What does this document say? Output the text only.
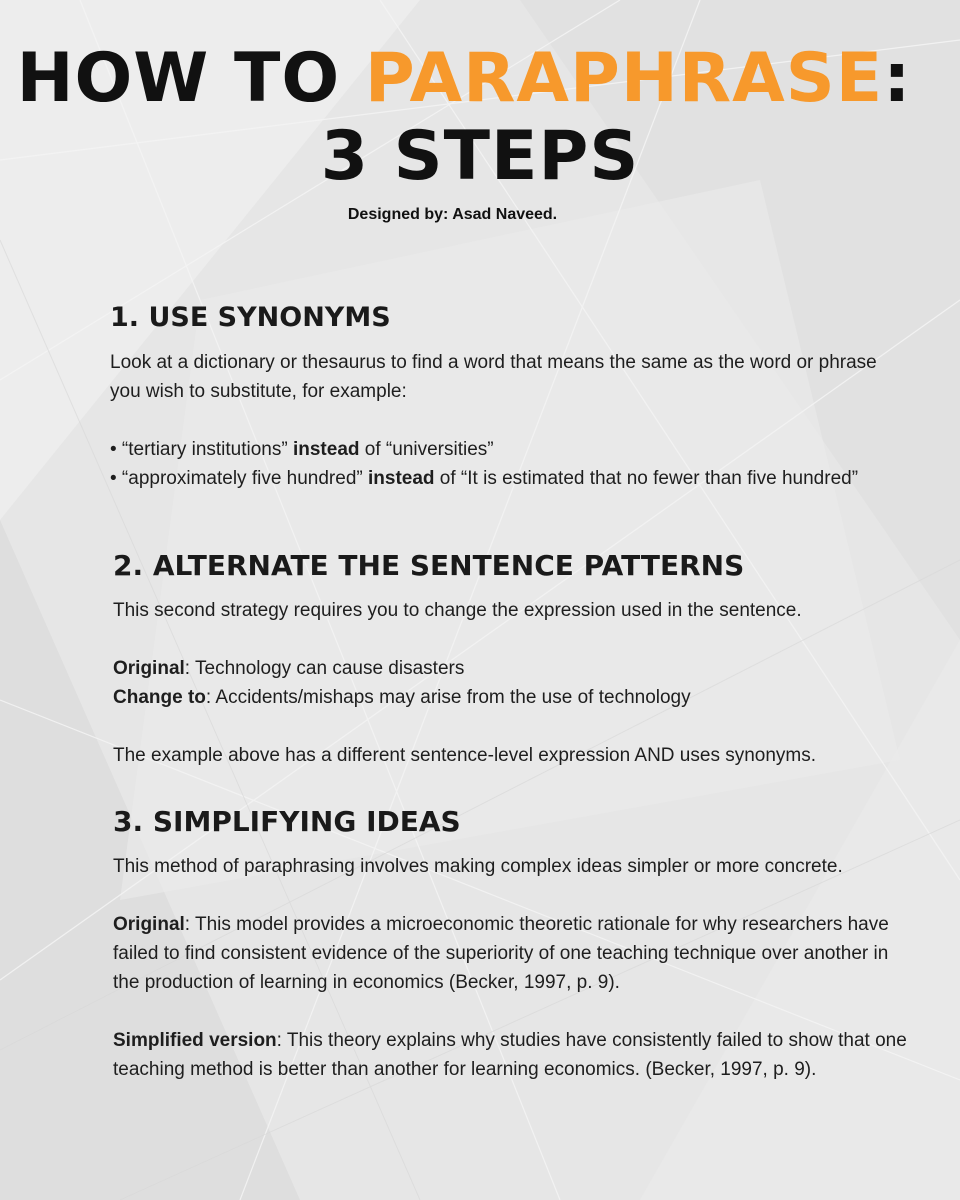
HOW TO PARAPHRASE:
3 STEPS
Designed by: Asad Naveed.
1. USE SYNONYMS

Look at a dictionary or thesaurus to find a word that means the same as the word or phrase you wish to substitute, for example:

• “tertiary institutions” instead of “universities”

• “approximately five hundred” instead of “It is estimated that no fewer than five hundred”

2. ALTERNATE THE SENTENCE PATTERNS

This second strategy requires you to change the expression used in the sentence.

Original: Technology can cause disasters

Change to: Accidents/mishaps may arise from the use of technology

The example above has a different sentence-level expression AND uses synonyms.

3. SIMPLIFYING IDEAS

This method of paraphrasing involves making complex ideas simpler or more concrete.

Original: This model provides a microeconomic theoretic rationale for why researchers have failed to find consistent evidence of the superiority of one teaching technique over another in the production of learning in economics (Becker, 1997, p. 9).

Simplified version: This theory explains why studies have consistently failed to show that one teaching method is better than another for learning economics. (Becker, 1997, p. 9).
